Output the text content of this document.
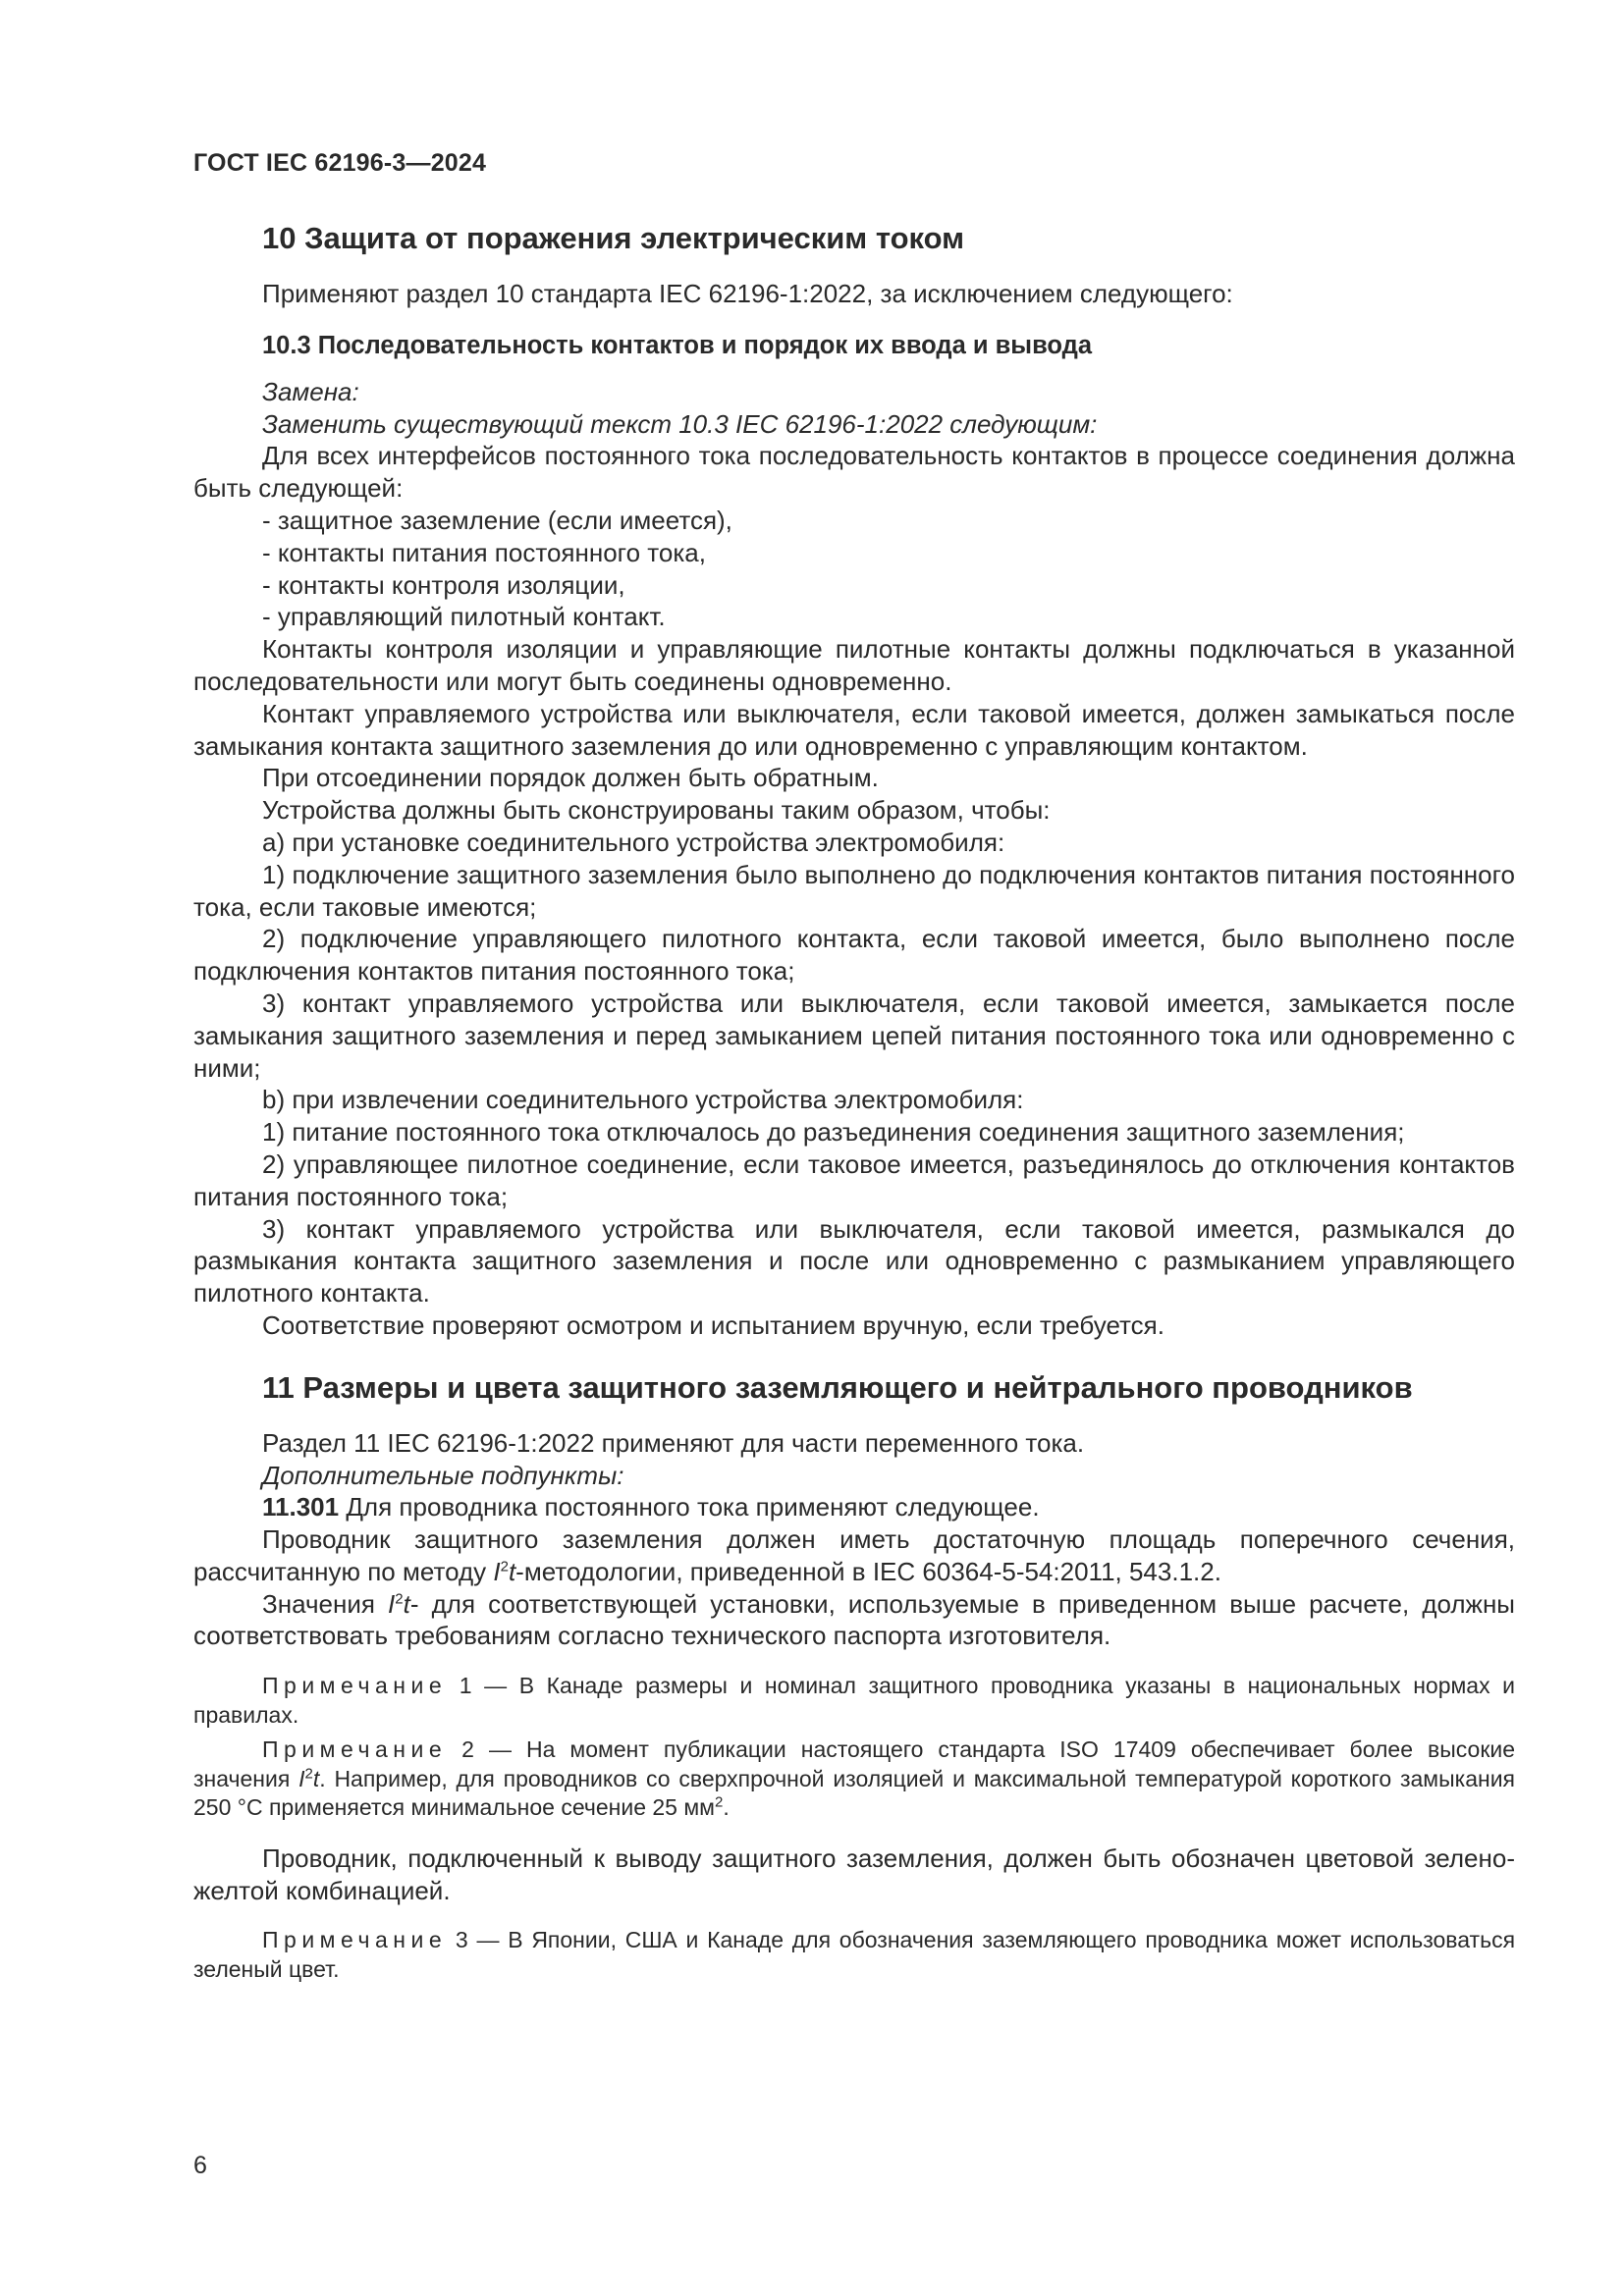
ГОСТ IEC 62196-3—2024
10 Защита от поражения электрическим током

Применяют раздел 10 стандарта IEC 62196-1:2022, за исключением следующего:

10.3 Последовательность контактов и порядок их ввода и вывода

Замена:

Заменить существующий текст 10.3 IEC 62196-1:2022 следующим:

Для всех интерфейсов постоянного тока последовательность контактов в процессе соединения должна быть следующей:

- защитное заземление (если имеется),

- контакты питания постоянного тока,

- контакты контроля изоляции,

- управляющий пилотный контакт.

Контакты контроля изоляции и управляющие пилотные контакты должны подключаться в указанной последовательности или могут быть соединены одновременно.

Контакт управляемого устройства или выключателя, если таковой имеется, должен замыкаться после замыкания контакта защитного заземления до или одновременно с управляющим контактом.

При отсоединении порядок должен быть обратным.

Устройства должны быть сконструированы таким образом, чтобы:

a) при установке соединительного устройства электромобиля:

1) подключение защитного заземления было выполнено до подключения контактов питания постоянного тока, если таковые имеются;

2) подключение управляющего пилотного контакта, если таковой имеется, было выполнено после подключения контактов питания постоянного тока;

3) контакт управляемого устройства или выключателя, если таковой имеется, замыкается после замыкания защитного заземления и перед замыканием цепей питания постоянного тока или одновременно с ними;

b) при извлечении соединительного устройства электромобиля:

1) питание постоянного тока отключалось до разъединения соединения защитного заземления;

2) управляющее пилотное соединение, если таковое имеется, разъединялось до отключения контактов питания постоянного тока;

3) контакт управляемого устройства или выключателя, если таковой имеется, размыкался до размыкания контакта защитного заземления и после или одновременно с размыканием управляющего пилотного контакта.

Соответствие проверяют осмотром и испытанием вручную, если требуется.

11 Размеры и цвета защитного заземляющего и нейтрального проводников

Раздел 11 IEC 62196-1:2022 применяют для части переменного тока.

Дополнительные подпункты:

11.301 Для проводника постоянного тока применяют следующее.

Проводник защитного заземления должен иметь достаточную площадь поперечного сечения, рассчитанную по методу $I^2t$-методологии, приведенной в IEC 60364-5-54:2011, 543.1.2.

Значения $I^2t-$ для соответствующей установки, используемые в приведенном выше расчете, должны соответствовать требованиям согласно технического паспорта изготовителя.

Примечание 1 — В Канаде размеры и номинал защитного проводника указаны в национальных нормах и правилах.

Примечание 2 — На момент публикации настоящего стандарта ISO 17409 обеспечивает более высокие значения $I^2t$. Например, для проводников со сверхпрочной изоляцией и максимальной температурой короткого замыкания 250 °C применяется минимальное сечение 25 $мм^2$.

Проводник, подключенный к выводу защитного заземления, должен быть обозначен цветовой зелено-желтой комбинацией.

Примечание 3 — В Японии, США и Канаде для обозначения заземляющего проводника может использоваться зеленый цвет.

6
